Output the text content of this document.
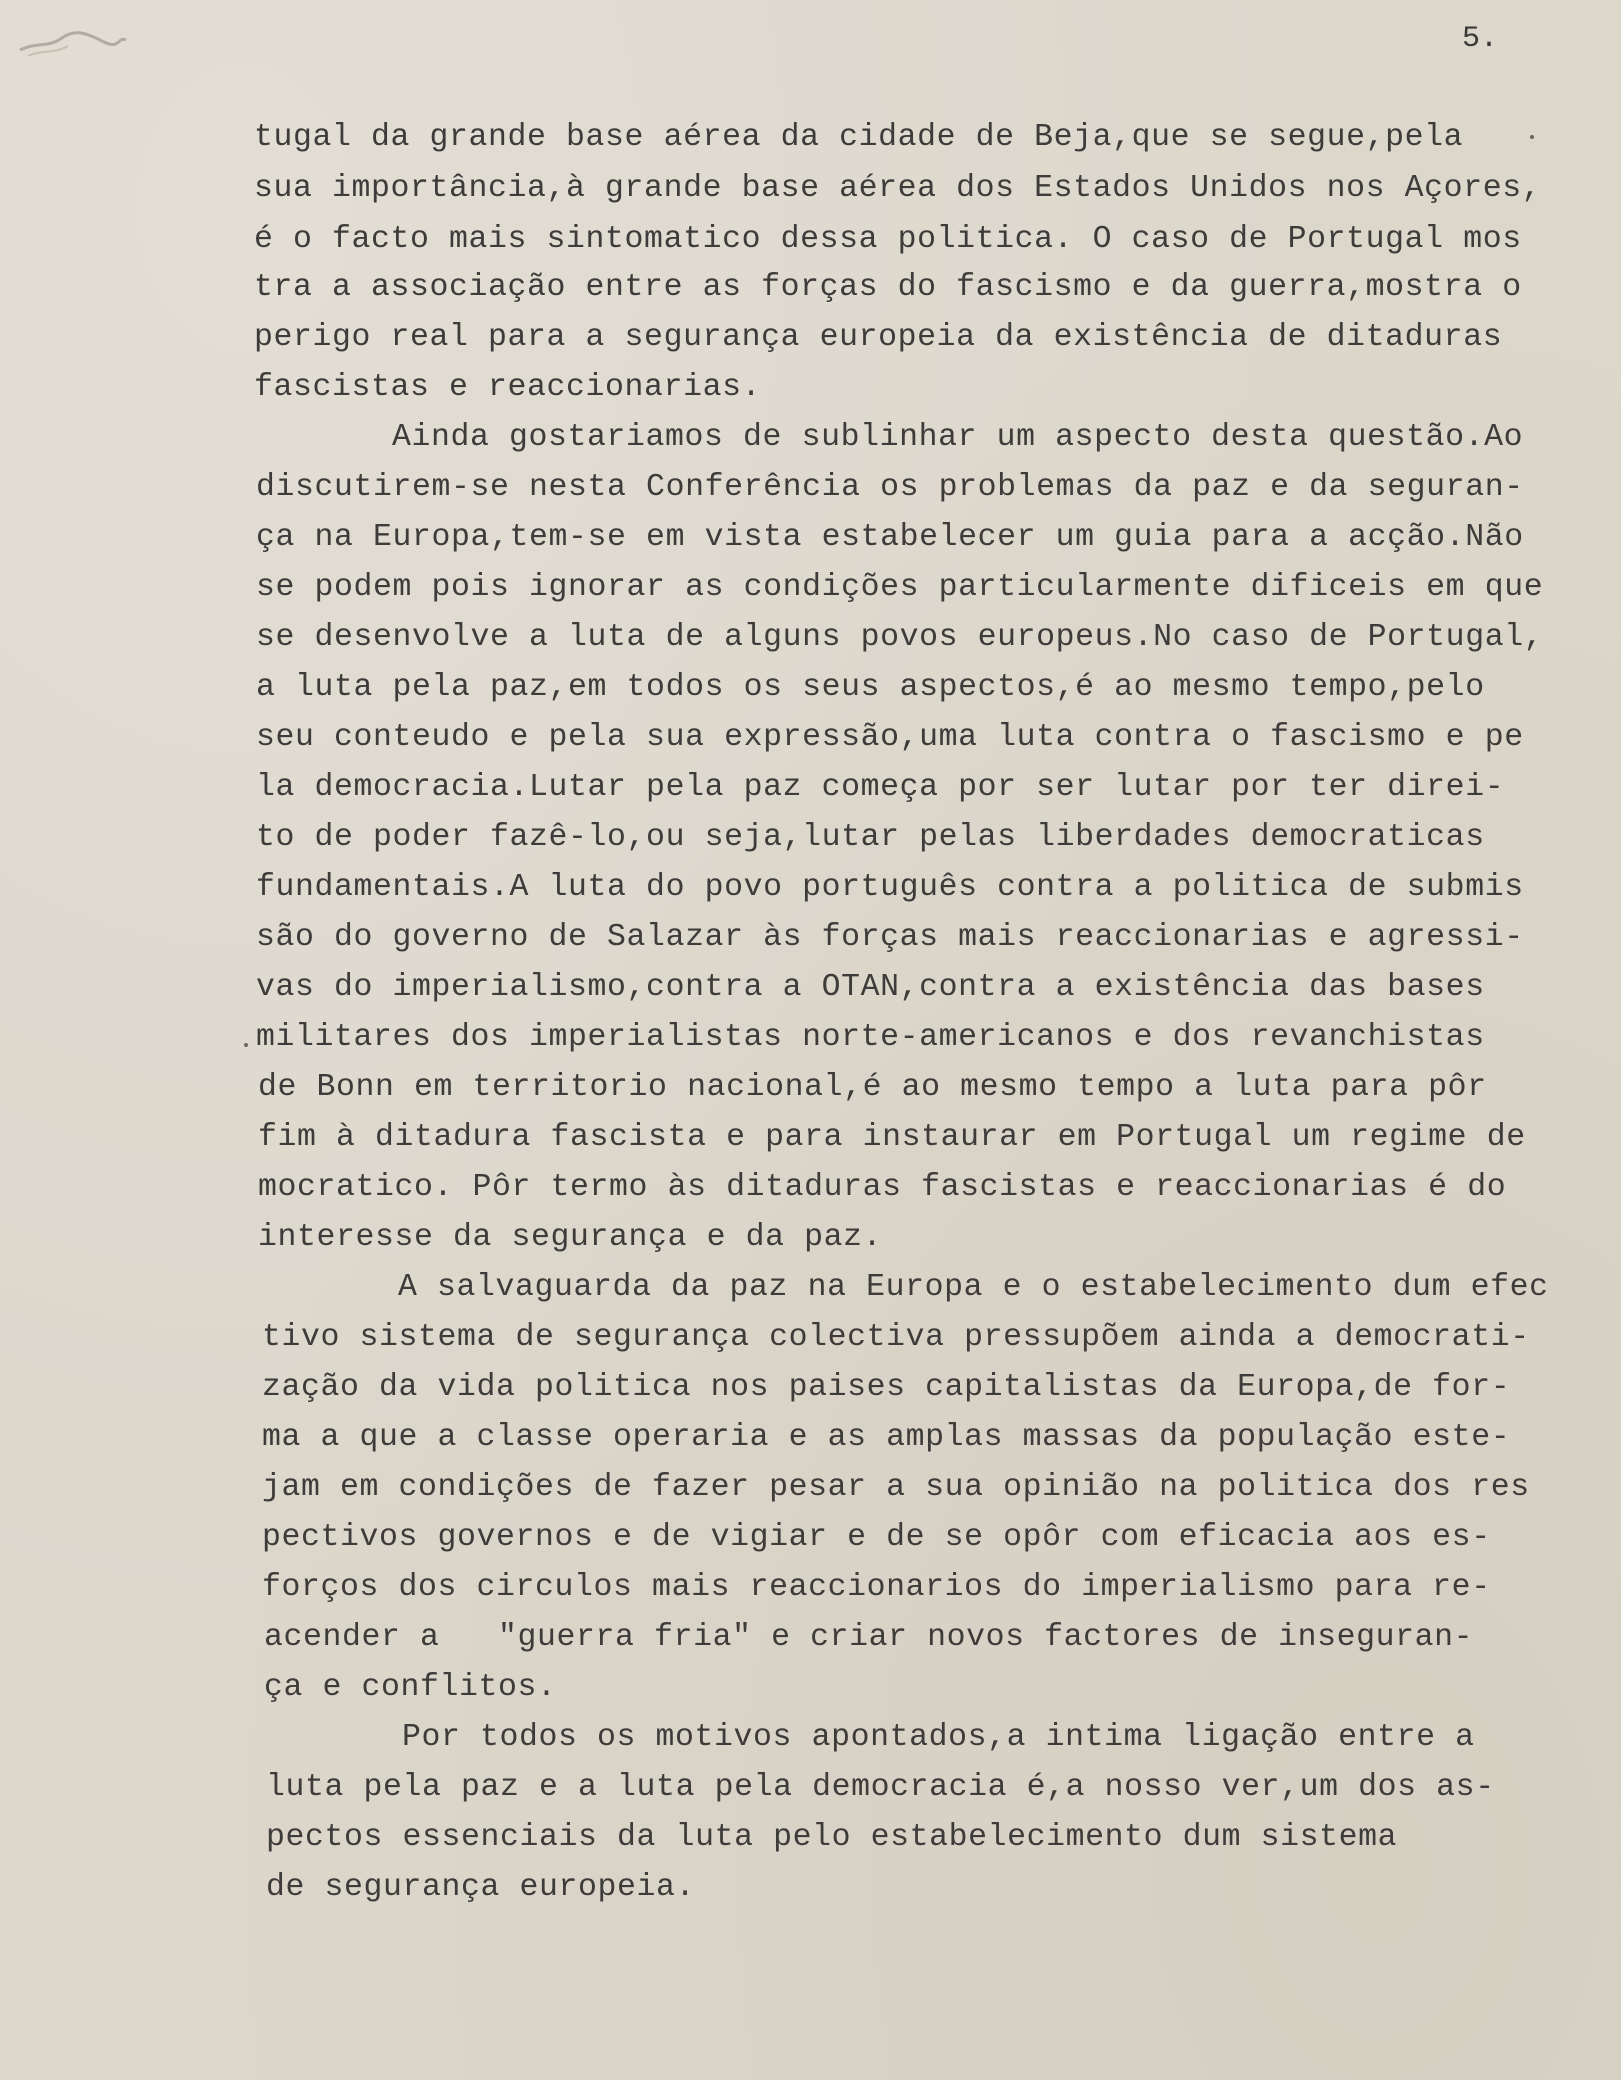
5.
tugal da grande base aérea da cidade de Beja,que se segue,pela
sua importância,à grande base aérea dos Estados Unidos nos Açores,
é o facto mais sintomatico dessa politica. O caso de Portugal mos
tra a associação entre as forças do fascismo e da guerra,mostra o
perigo real para a segurança europeia da existência de ditaduras
fascistas e reaccionarias.
Ainda gostariamos de sublinhar um aspecto desta questão.Ao
discutirem-se nesta Conferência os problemas da paz e da seguran-
ça na Europa,tem-se em vista estabelecer um guia para a acção.Não
se podem pois ignorar as condições particularmente dificeis em que
se desenvolve a luta de alguns povos europeus.No caso de Portugal,
a luta pela paz,em todos os seus aspectos,é ao mesmo tempo,pelo
seu conteudo e pela sua expressão,uma luta contra o fascismo e pe
la democracia.Lutar pela paz começa por ser lutar por ter direi-
to de poder fazê-lo,ou seja,lutar pelas liberdades democraticas
fundamentais.A luta do povo português contra a politica de submis
são do governo de Salazar às forças mais reaccionarias e agressi-
vas do imperialismo,contra a OTAN,contra a existência das bases
militares dos imperialistas norte-americanos e dos revanchistas
de Bonn em territorio nacional,é ao mesmo tempo a luta para pôr
fim à ditadura fascista e para instaurar em Portugal um regime de
mocratico. Pôr termo às ditaduras fascistas e reaccionarias é do
interesse da segurança e da paz.
A salvaguarda da paz na Europa e o estabelecimento dum efec
tivo sistema de segurança colectiva pressupõem ainda a democrati-
zação da vida politica nos paises capitalistas da Europa,de for-
ma a que a classe operaria e as amplas massas da população este-
jam em condições de fazer pesar a sua opinião na politica dos res
pectivos governos e de vigiar e de se opôr com eficacia aos es-
forços dos circulos mais reaccionarios do imperialismo para re-
acender a   "guerra fria" e criar novos factores de inseguran-
ça e conflitos.
Por todos os motivos apontados,a intima ligação entre a
luta pela paz e a luta pela democracia é,a nosso ver,um dos as-
pectos essenciais da luta pelo estabelecimento dum sistema
de segurança europeia.
